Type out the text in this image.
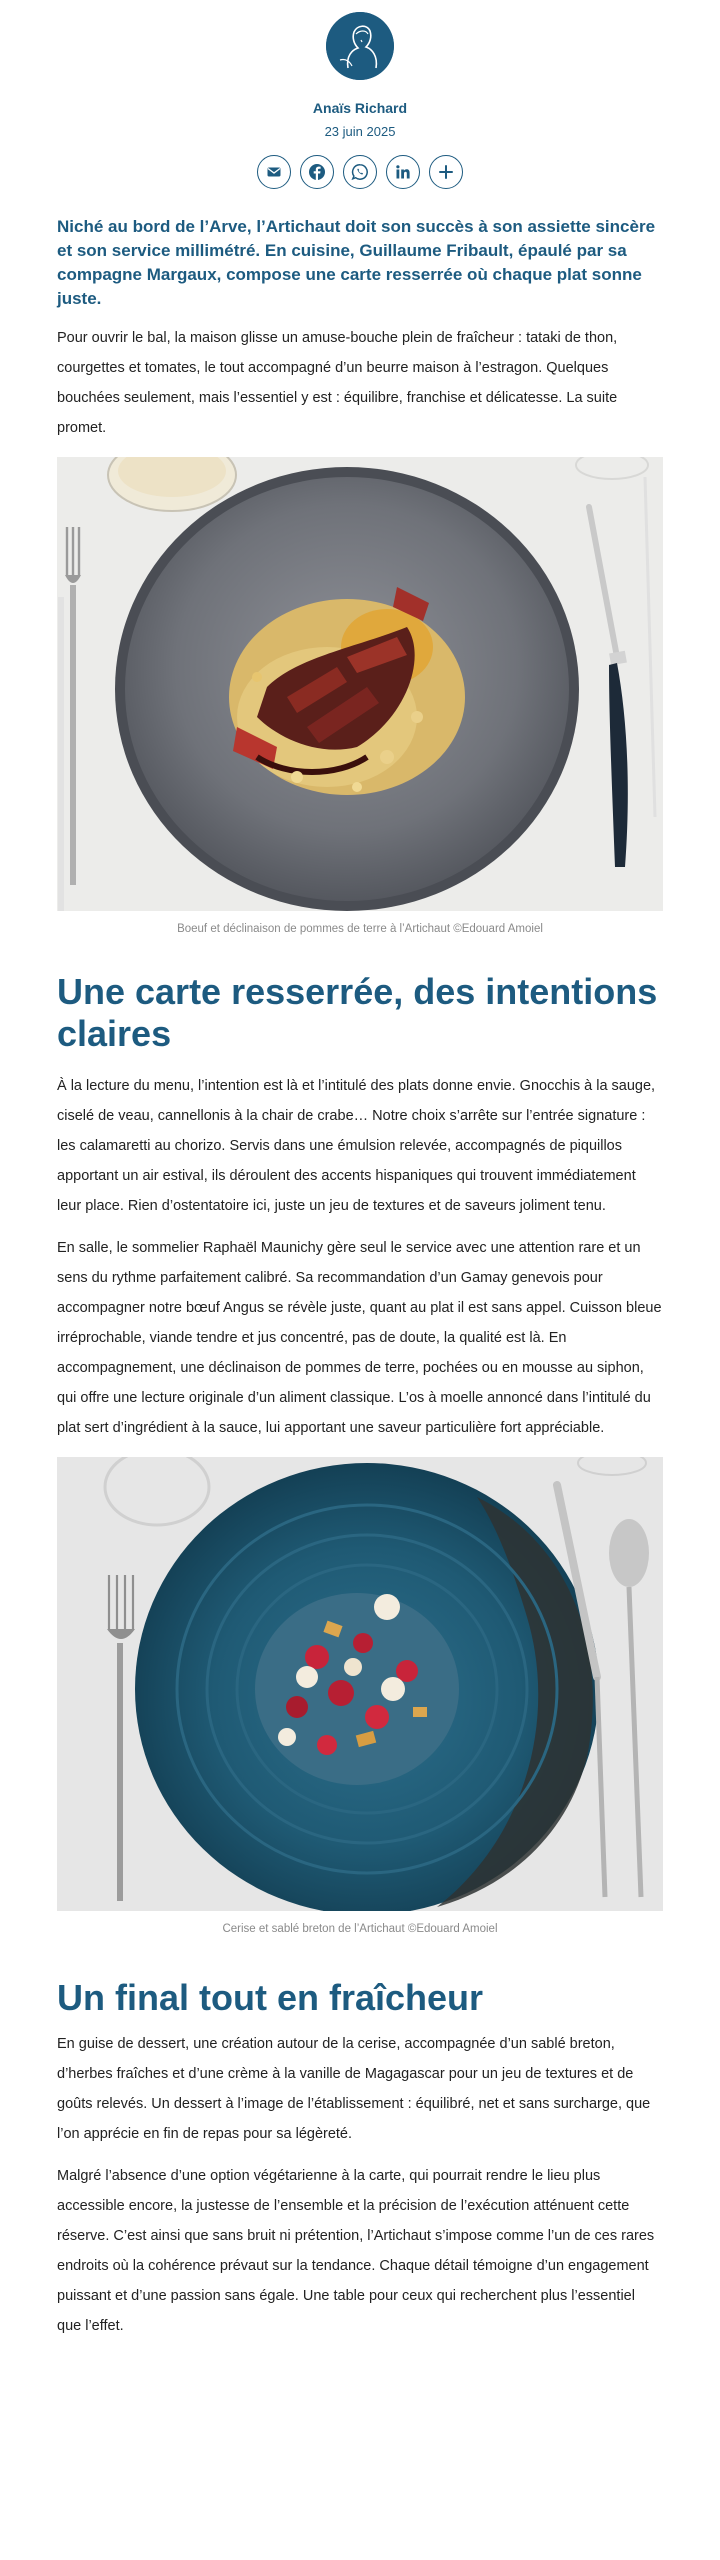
Anaïs Richard
23 juin 2025
Niché au bord de l’Arve, l’Artichaut doit son succès à son assiette sincère et son service millimétré. En cuisine, Guillaume Fribault, épaulé par sa compagne Margaux, compose une carte resserrée où chaque plat sonne juste.

Pour ouvrir le bal, la maison glisse un amuse-bouche plein de fraîcheur : tataki de thon, courgettes et tomates, le tout accompagné d’un beurre maison à l’estragon. Quelques bouchées seulement, mais l’essentiel y est : équilibre, franchise et délicatesse. La suite promet.

Boeuf et déclinaison de pommes de terre à l’Artichaut ©Edouard Amoiel
Une carte resserrée, des intentions claires

À la lecture du menu, l’intention est là et l’intitulé des plats donne envie. Gnocchis à la sauge, ciselé de veau, cannellonis à la chair de crabe… Notre choix s’arrête sur l’entrée signature : les calamaretti au chorizo. Servis dans une émulsion relevée, accompagnés de piquillos apportant un air estival, ils déroulent des accents hispaniques qui trouvent immédiatement leur place. Rien d’ostentatoire ici, juste un jeu de textures et de saveurs joliment tenu.

En salle, le sommelier Raphaël Maunichy gère seul le service avec une attention rare et un sens du rythme parfaitement calibré. Sa recommandation d’un Gamay genevois pour accompagner notre bœuf Angus se révèle juste, quant au plat il est sans appel. Cuisson bleue irréprochable, viande tendre et jus concentré, pas de doute, la qualité est là. En accompagnement, une déclinaison de pommes de terre, pochées ou en mousse au siphon, qui offre une lecture originale d’un aliment classique. L’os à moelle annoncé dans l’intitulé du plat sert d’ingrédient à la sauce, lui apportant une saveur particulière fort appréciable.

Cerise et sablé breton de l’Artichaut ©Edouard Amoiel
Un final tout en fraîcheur

En guise de dessert, une création autour de la cerise, accompagnée d’un sablé breton, d’herbes fraîches et d’une crème à la vanille de Magagascar pour un jeu de textures et de goûts relevés. Un dessert à l’image de l’établissement : équilibré, net et sans surcharge, que l’on apprécie en fin de repas pour sa légèreté.

Malgré l’absence d’une option végétarienne à la carte, qui pourrait rendre le lieu plus accessible encore, la justesse de l’ensemble et la précision de l’exécution atténuent cette réserve. C’est ainsi que sans bruit ni prétention, l’Artichaut s’impose comme l’un de ces rares endroits où la cohérence prévaut sur la tendance. Chaque détail témoigne d’un engagement puissant et d’une passion sans égale. Une table pour ceux qui recherchent plus l’essentiel que l’effet.
